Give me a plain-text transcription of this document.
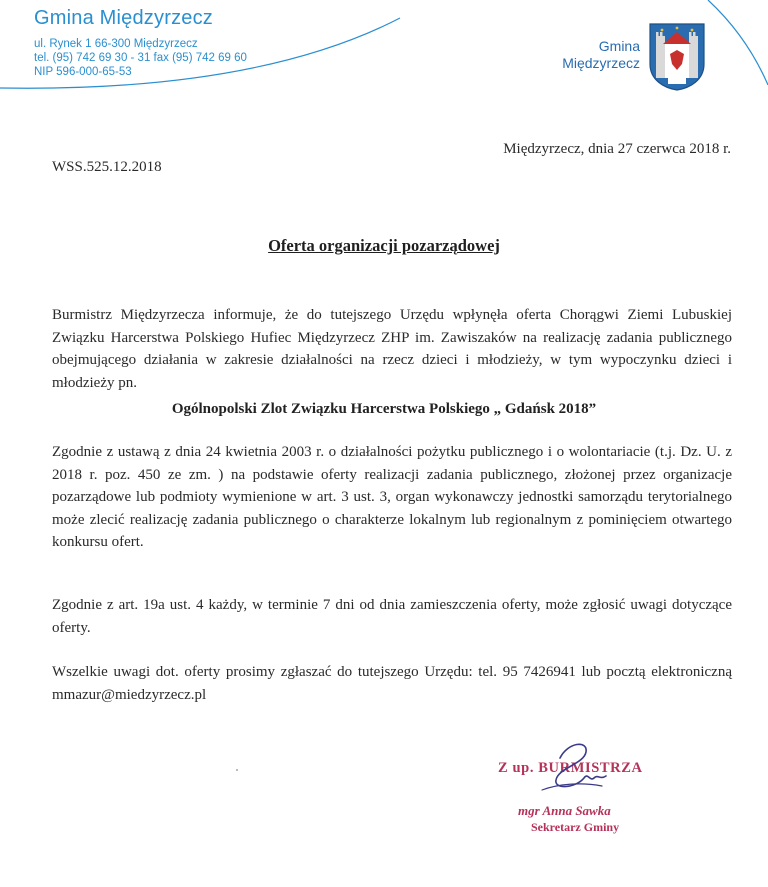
Gmina Międzyrzecz
ul. Rynek 1 66-300 Międzyrzecz
tel. (95) 742 69 30 - 31 fax (95) 742 69 60
NIP 596-000-65-53
Gmina
Międzyrzecz
Międzyrzecz, dnia 27 czerwca 2018 r.
WSS.525.12.2018
Oferta organizacji pozarządowej
Burmistrz Międzyrzecza informuje, że do tutejszego Urzędu wpłynęła oferta Chorągwi Ziemi Lubuskiej Związku Harcerstwa Polskiego Hufiec Międzyrzecz ZHP im. Zawiszaków na realizację zadania publicznego obejmującego działania w zakresie działalności na rzecz dzieci i młodzieży, w tym wypoczynku dzieci i młodzieży pn.
Ogólnopolski Zlot Związku Harcerstwa Polskiego „ Gdańsk 2018”
Zgodnie z ustawą z dnia 24 kwietnia 2003 r. o działalności pożytku publicznego i o wolontariacie (t.j. Dz. U. z 2018 r. poz. 450 ze zm. ) na podstawie oferty realizacji zadania publicznego, złożonej przez organizacje pozarządowe lub podmioty wymienione w art. 3 ust. 3, organ wykonawczy jednostki samorządu terytorialnego może zlecić realizację zadania publicznego o charakterze lokalnym lub regionalnym z pominięciem otwartego konkursu ofert.
Zgodnie z art. 19a ust. 4 każdy, w terminie 7 dni od dnia zamieszczenia oferty, może zgłosić uwagi dotyczące oferty.
Wszelkie uwagi dot. oferty prosimy zgłaszać do tutejszego Urzędu: tel. 95 7426941 lub pocztą elektroniczną mmazur@miedzyrzecz.pl
Z up. BURMISTRZA
mgr Anna Sawka
Sekretarz Gminy
